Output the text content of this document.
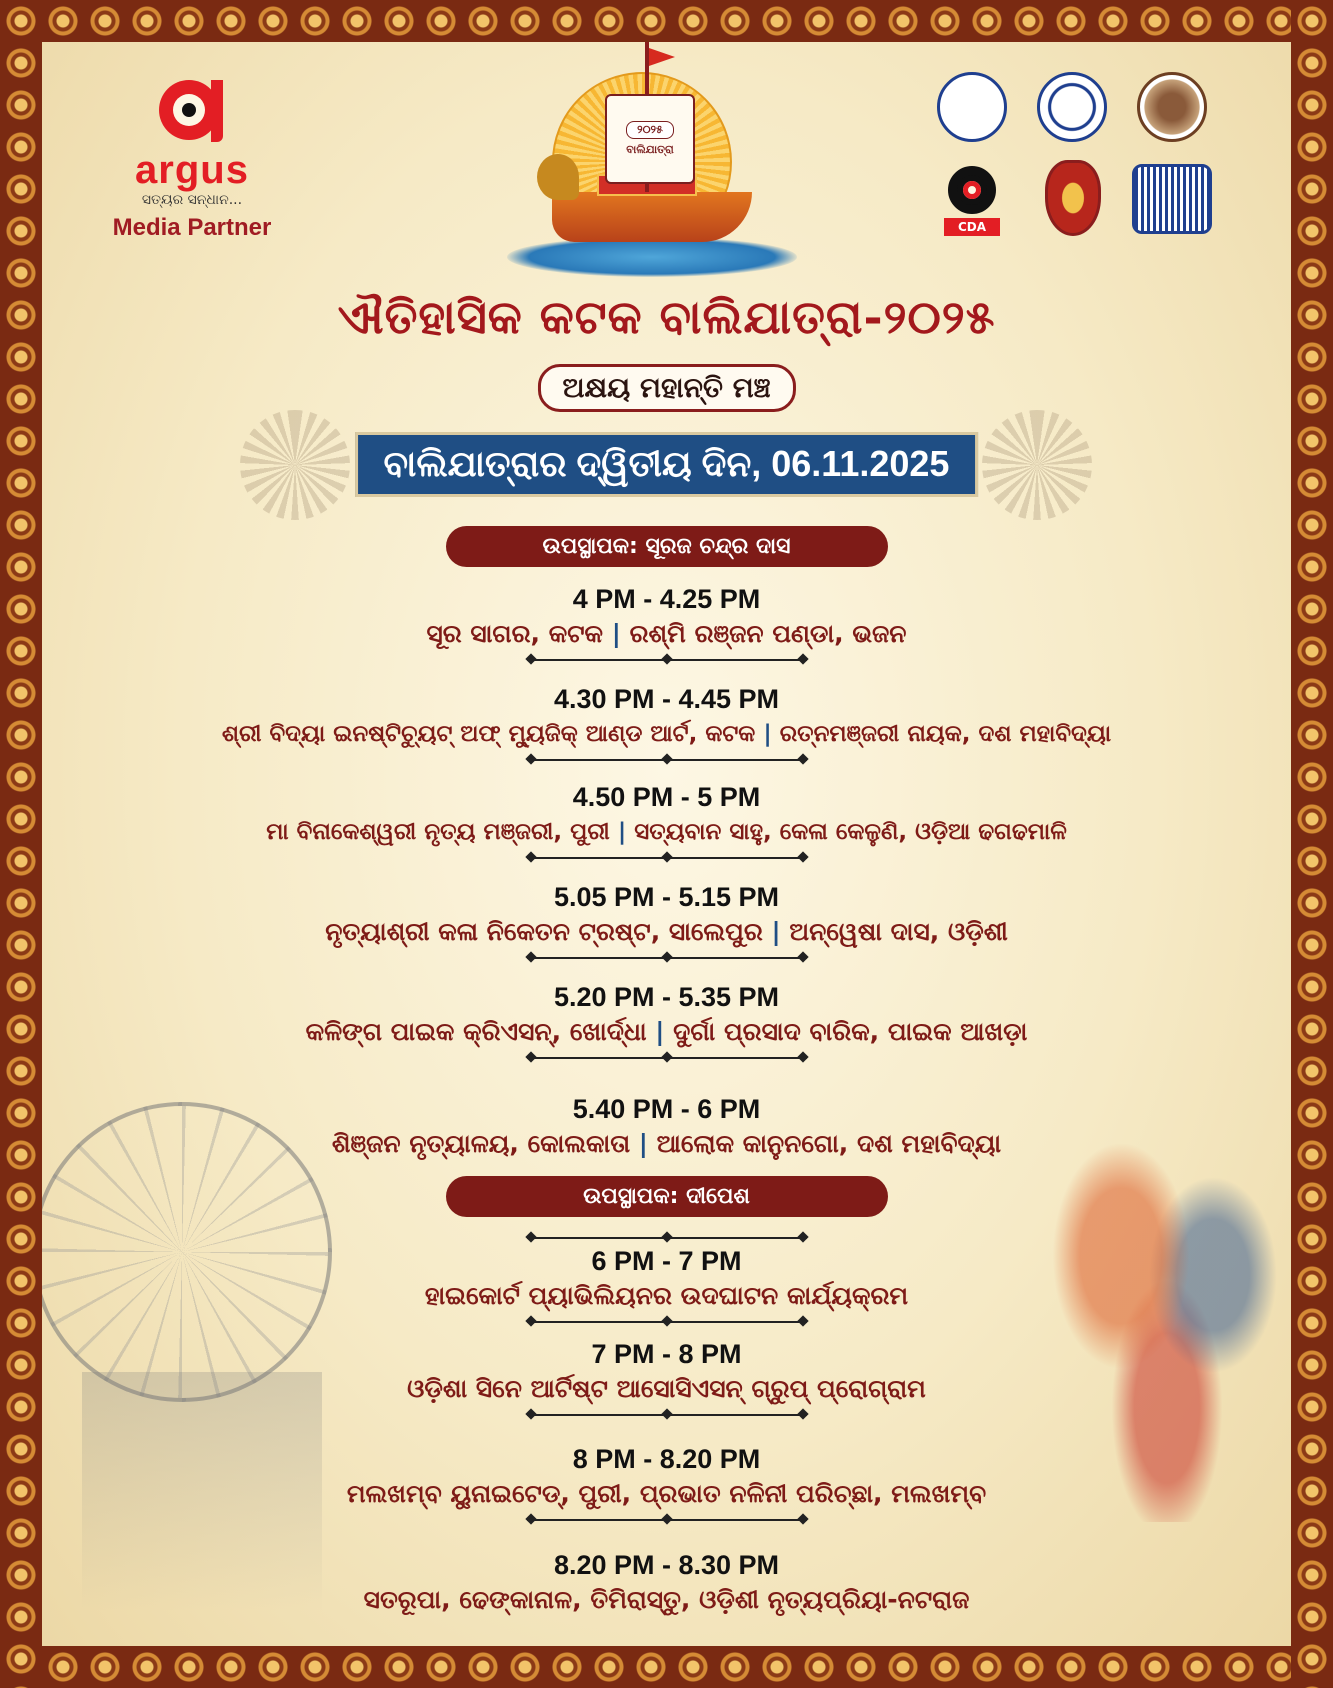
argus
ସତ୍ୟର ସନ୍ଧାନ...
Media Partner
୨୦୨୫
ବାଲିଯାତ୍ରା
CDA
ଐତିହାସିକ କଟକ ବାଲିଯାତ୍ରା-୨୦୨୫
ଅକ୍ଷୟ ମହାନ୍ତି ମଞ୍ଚ
ବାଲିଯାତ୍ରାର ଦ୍ୱିତୀୟ ଦିନ, 06.11.2025
ଉପସ୍ଥାପକ: ସୂରଜ ଚନ୍ଦ୍ର ଦାସ
ଉପସ୍ଥାପକ: ଦୀପେଶ
4 PM - 4.25 PM
ସୂର ସାଗର, କଟକ | ରଶ୍ମି ରଞ୍ଜନ ପଣ୍ଡା, ଭଜନ
4.30 PM - 4.45 PM
ଶ୍ରୀ ବିଦ୍ୟା ଇନଷ୍ଟିଚ୍ୟୁଟ୍ ଅଫ୍ ମ୍ୟୁଜିକ୍ ଆଣ୍ଡ ଆର୍ଟ, କଟକ | ରତ୍ନମଞ୍ଜରୀ ନାୟକ, ଦଶ ମହାବିଦ୍ୟା
4.50 PM - 5 PM
ମା ବିନାକେଶ୍ୱରୀ ନୃତ୍ୟ ମଞ୍ଜରୀ, ପୁରୀ | ସତ୍ୟବାନ ସାହୁ, କେଳା କେଳୁଣି, ଓଡ଼ିଆ ଢଗଢମାଳି
5.05 PM - 5.15 PM
ନୃତ୍ୟାଶ୍ରୀ କଳା ନିକେତନ ଟ୍ରଷ୍ଟ, ସାଲେପୁର | ଅନ୍ୱେଷା ଦାସ, ଓଡ଼ିଶୀ
5.20 PM - 5.35 PM
କଳିଙ୍ଗ ପାଇକ କ୍ରିଏସନ୍, ଖୋର୍ଦ୍ଧା | ଦୁର୍ଗା ପ୍ରସାଦ ବାରିକ, ପାଇକ ଆଖଡ଼ା
5.40 PM - 6 PM
ଶିଞ୍ଜନ ନୃତ୍ୟାଳୟ, କୋଲକାତା | ଆଲୋକ କାନୁନଗୋ, ଦଶ ମହାବିଦ୍ୟା
6 PM - 7 PM
ହାଇକୋର୍ଟ ପ୍ୟାଭିଲିୟନର ଉଦଘାଟନ କାର୍ଯ୍ୟକ୍ରମ
7 PM - 8 PM
ଓଡ଼ିଶା ସିନେ ଆର୍ଟିଷ୍ଟ ଆସୋସିଏସନ୍ ଗ୍ରୁପ୍ ପ୍ରୋଗ୍ରାମ
8 PM - 8.20 PM
ମଲଖମ୍ବ ୟୁନାଇଟେଡ୍, ପୁରୀ, ପ୍ରଭାତ ନଳିନୀ ପରିଚ୍ଛା, ମଲଖମ୍ବ
8.20 PM - 8.30 PM
ସତରୂପା, ଢେଙ୍କାନାଳ, ତିମିରାସ୍ତୁ, ଓଡ଼ିଶୀ ନୃତ୍ୟପ୍ରିୟା-ନଟରାଜ
